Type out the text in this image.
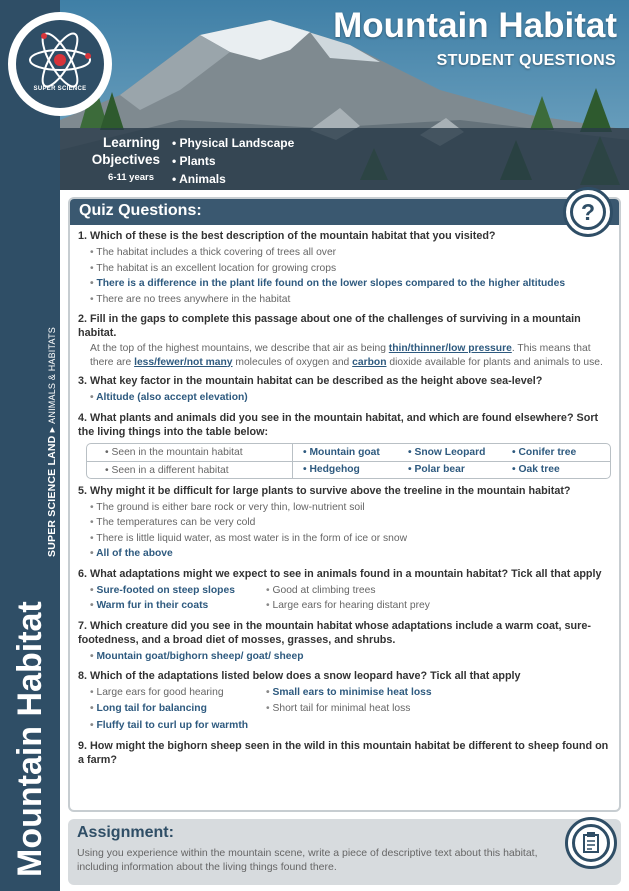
SUPER SCIENCE
Mountain Habitat
SUPER SCIENCE LAND ▸ ANIMALS & HABITATS
Mountain Habitat
STUDENT QUESTIONS
Learning Objectives
6-11 years
• Physical Landscape
• Plants
• Animals
Quiz Questions:	?
1. Which of these is the best description of the mountain habitat that you visited?
• The habitat includes a thick covering of trees all over
• The habitat is an excellent location for growing crops
• There is a difference in the plant life found on the lower slopes compared to the higher altitudes
• There are no trees anywhere in the habitat
2. Fill in the gaps to complete this passage about one of the challenges of surviving in a mountain habitat.
At the top of the highest mountains, we describe that air as being thin/thinner/low pressure. This means that there are less/fewer/not many molecules of oxygen and carbon dioxide available for plants and animals to use.
3. What key factor in the mountain habitat can be described as the height above sea-level?
• Altitude (also accept elevation)
4. What plants and animals did you see in the mountain habitat, and which are found elsewhere? Sort the living things into the table below:
• Seen in the mountain habitat	• Mountain goat	• Snow Leopard	• Conifer tree
• Seen in a different habitat	• Hedgehog	• Polar bear	• Oak tree
5. Why might it be difficult for large plants to survive above the treeline in the mountain habitat?
• The ground is either bare rock or very thin, low-nutrient soil
• The temperatures can be very cold
• There is little liquid water, as most water is in the form of ice or snow
• All of the above
6. What adaptations might we expect to see in animals found in a mountain habitat? Tick all that apply
• Sure-footed on steep slopes
• Warm fur in their coats
• Good at climbing trees
• Large ears for hearing distant prey
7. Which creature did you see in the mountain habitat whose adaptations include a warm coat, sure-footedness, and a broad diet of mosses, grasses, and shrubs.
• Mountain goat/bighorn sheep/ goat/ sheep
8. Which of the adaptations listed below does a snow leopard have? Tick all that apply
• Large ears for good hearing
• Long tail for balancing
• Small ears to minimise heat loss
• Short tail for minimal heat loss
• Fluffy tail to curl up for warmth
9. How might the bighorn sheep seen in the wild in this mountain habitat be different to sheep found on a farm?
Assignment:
Using you experience within the mountain scene, write a piece of descriptive text about this habitat, including information about the living things found there.
